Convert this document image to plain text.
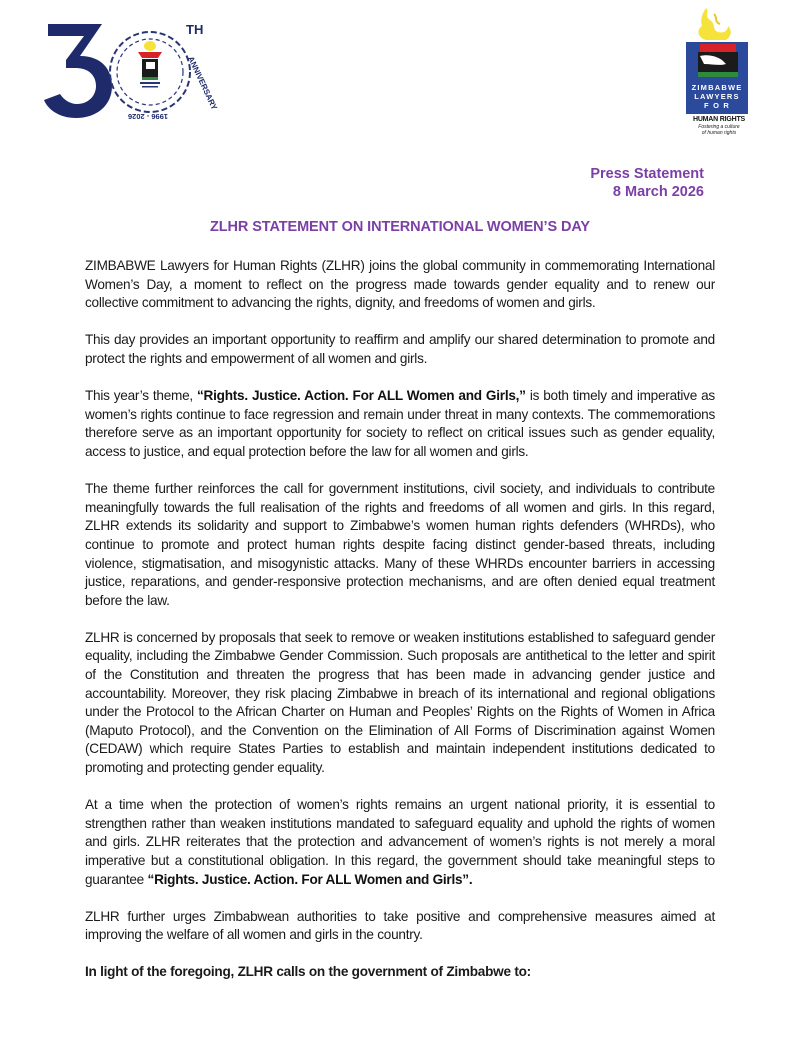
TH
ANNIVERSARY
1996 - 2026
ZIMBABWE
LAWYERS
F O R
HUMAN RIGHTS
Fostering a culture
of human rights
Press Statement
8 March 2026
ZLHR STATEMENT ON INTERNATIONAL WOMEN’S DAY

ZIMBABWE Lawyers for Human Rights (ZLHR) joins the global community in commemorating International Women’s Day, a moment to reflect on the progress made towards gender equality and to renew our collective commitment to advancing the rights, dignity, and freedoms of women and girls.

This day provides an important opportunity to reaffirm and amplify our shared determination to promote and protect the rights and empowerment of all women and girls.

This year’s theme, “Rights. Justice. Action. For ALL Women and Girls,” is both timely and imperative as women’s rights continue to face regression and remain under threat in many contexts. The commemorations therefore serve as an important opportunity for society to reflect on critical issues such as gender equality, access to justice, and equal protection before the law for all women and girls.

The theme further reinforces the call for government institutions, civil society, and individuals to contribute meaningfully towards the full realisation of the rights and freedoms of all women and girls. In this regard, ZLHR extends its solidarity and support to Zimbabwe’s women human rights defenders (WHRDs), who continue to promote and protect human rights despite facing distinct gender-based threats, including violence, stigmatisation, and misogynistic attacks. Many of these WHRDs encounter barriers in accessing justice, reparations, and gender-responsive protection mechanisms, and are often denied equal treatment before the law.

ZLHR is concerned by proposals that seek to remove or weaken institutions established to safeguard gender equality, including the Zimbabwe Gender Commission. Such proposals are antithetical to the letter and spirit of the Constitution and threaten the progress that has been made in advancing gender justice and accountability. Moreover, they risk placing Zimbabwe in breach of its international and regional obligations under the Protocol to the African Charter on Human and Peoples’ Rights on the Rights of Women in Africa (Maputo Protocol), and the Convention on the Elimination of All Forms of Discrimination against Women (CEDAW) which require States Parties to establish and maintain independent institutions dedicated to promoting and protecting gender equality.

At a time when the protection of women’s rights remains an urgent national priority, it is essential to strengthen rather than weaken institutions mandated to safeguard equality and uphold the rights of women and girls. ZLHR reiterates that the protection and advancement of women’s rights is not merely a moral imperative but a constitutional obligation. In this regard, the government should take meaningful steps to guarantee “Rights. Justice. Action. For ALL Women and Girls”.

ZLHR further urges Zimbabwean authorities to take positive and comprehensive measures aimed at improving the welfare of all women and girls in the country.

In light of the foregoing, ZLHR calls on the government of Zimbabwe to:
